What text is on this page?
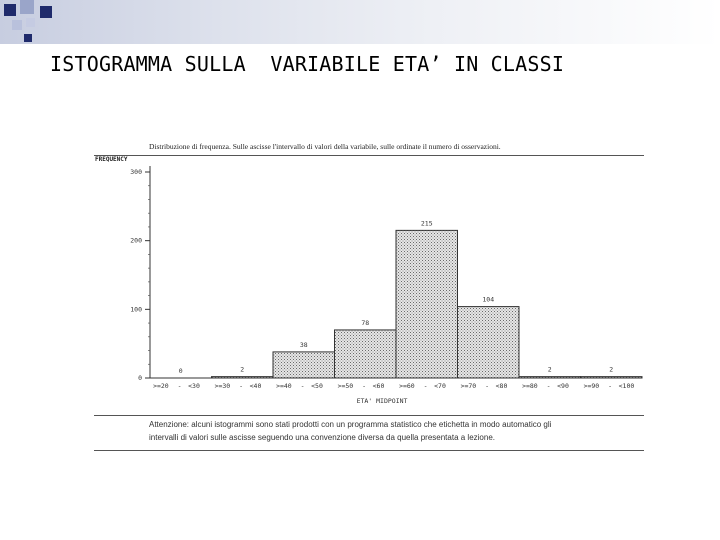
ISTOGRAMMA SULLA  VARIABILE ETA’ IN CLASSI
Distribuzione di frequenza. Sulle ascisse l'intervallo di valori della variabile, sulle ordinate il numero di osservazioni.
FREQUENCY
0
100
200
300
0	2
38
78
215
104
2	2
>=20 - <30 >=30 - <40 >=40 - <50 >=50 - <60 >=60 - <70 >=70 - <80 >=80 - <90 >=90 - <100
ETA' MIDPOINT
Attenzione: alcuni istogrammi sono stati prodotti con un programma statistico che etichetta in modo automatico gli
intervalli di valori sulle ascisse seguendo una convenzione diversa da quella presentata a lezione.
